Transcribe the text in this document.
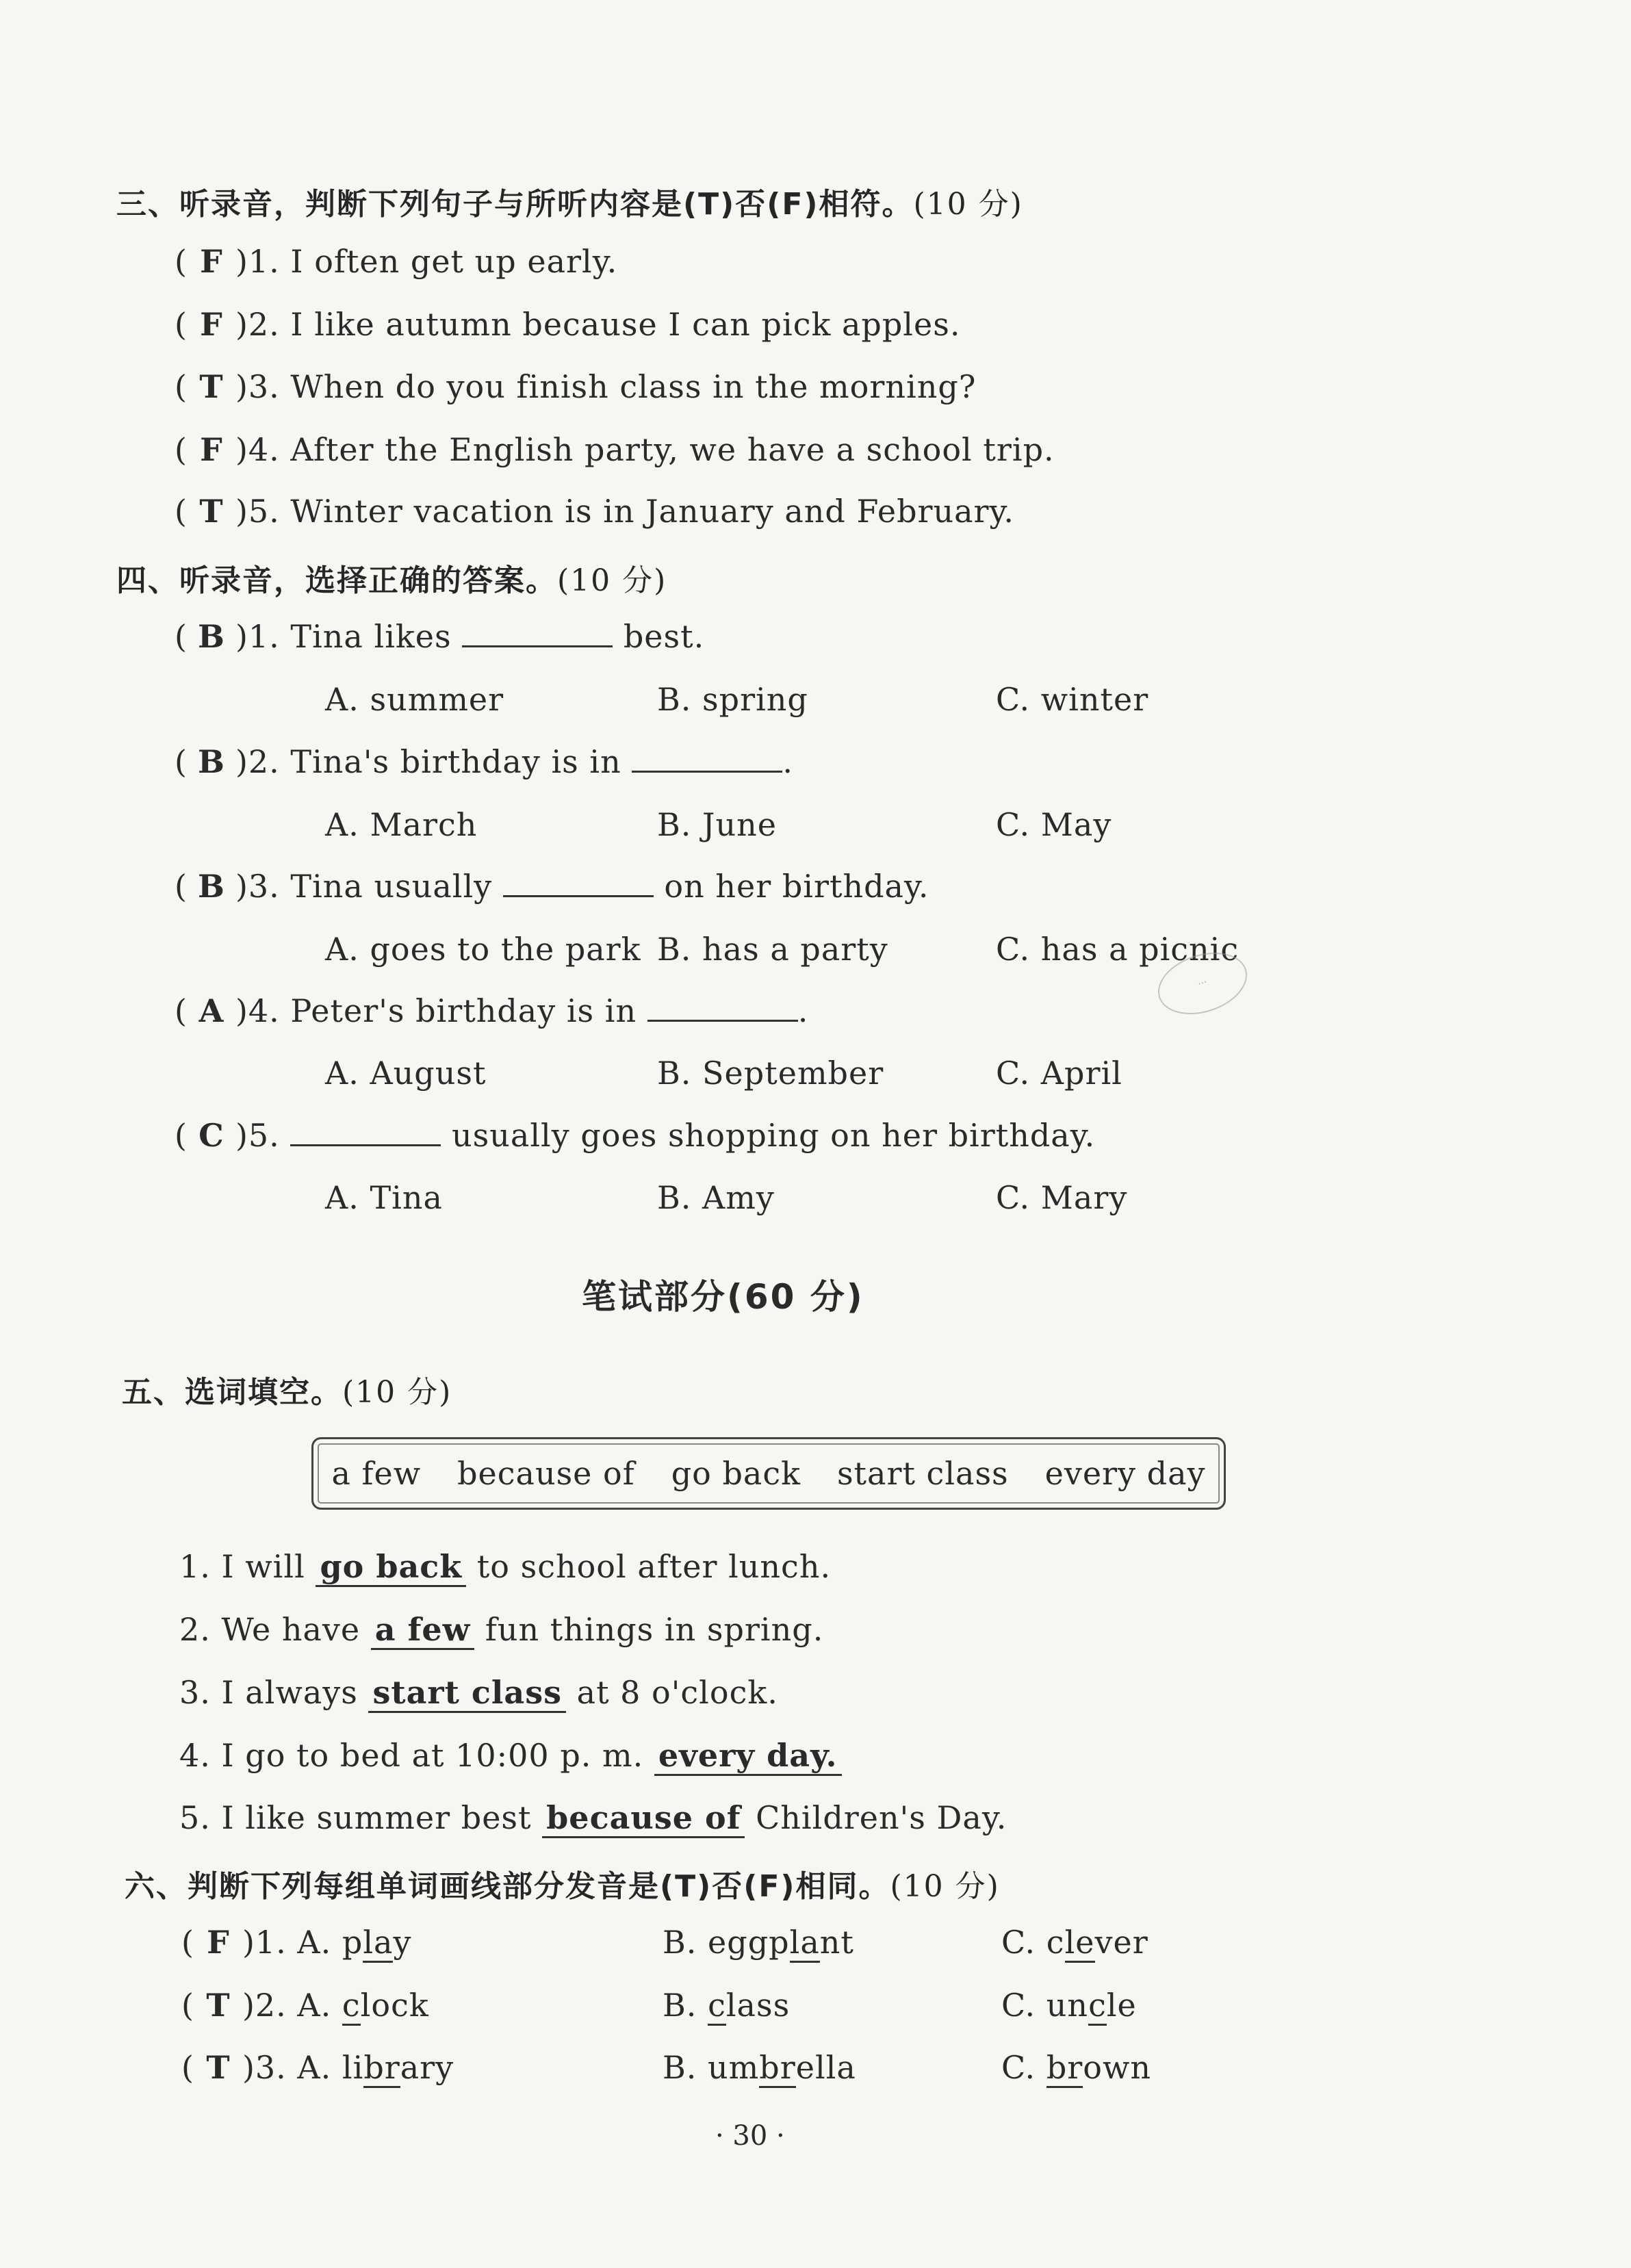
三、听录音，判断下列句子与所听内容是(T)否(F)相符。(10 分)
( F )1. I often get up early.
( F )2. I like autumn because I can pick apples.
( T )3. When do you finish class in the morning?
( F )4. After the English party, we have a school trip.
( T )5. Winter vacation is in January and February.
四、听录音，选择正确的答案。(10 分)
( B )1. Tina likes	best.
A. summer	B. spring	C. winter
( B )2. Tina's birthday is in	.
A. March	B. June	C. May
( B )3. Tina usually	on her birthday.
A. goes to the park B. has a party	C. has a picnic
···
( A )4. Peter's birthday is in	.
A. August	B. September	C. April
( C )5.	usually goes shopping on her birthday.
A. Tina	B. Amy	C. Mary
笔试部分(60 分)
五、选词填空。(10 分)
a few because of go back start class every day
1. I will go back to school after lunch.
2. We have a few fun things in spring.
3. I always start class at 8 o'clock.
4. I go to bed at 10:00 p. m. every day.
5. I like summer best because of Children's Day.
六、判断下列每组单词画线部分发音是(T)否(F)相同。(10 分)
( F )1. A. play	B. eggplant	C. clever
( T )2. A. clock	B. class	C. uncle
( T )3. A. library	B. umbrella	C. brown
· 30 ·
